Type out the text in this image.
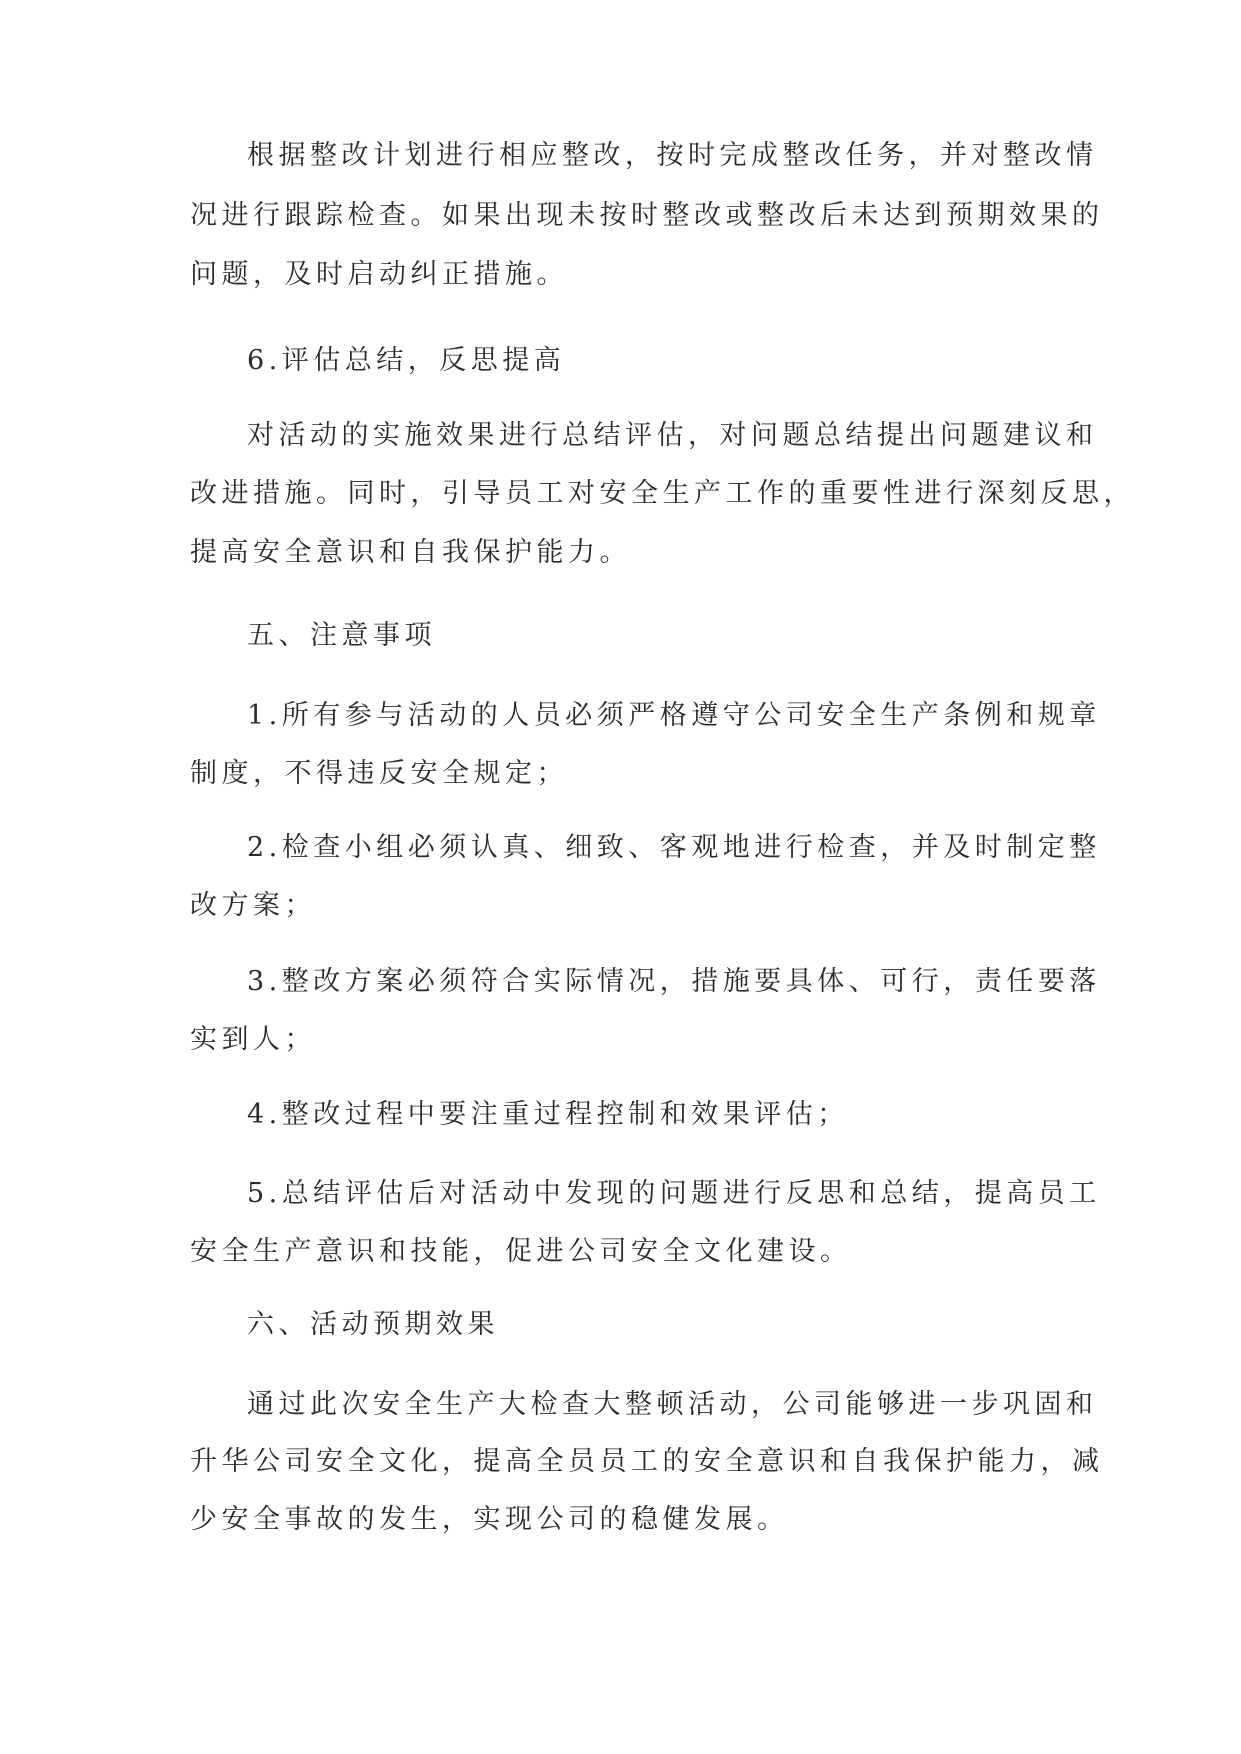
根据整改计划进行相应整改，按时完成整改任务，并对整改情
况进行跟踪检查。如果出现未按时整改或整改后未达到预期效果的
问题，及时启动纠正措施。
6.评估总结，反思提高
对活动的实施效果进行总结评估，对问题总结提出问题建议和
改进措施。同时，引导员工对安全生产工作的重要性进行深刻反思，
提高安全意识和自我保护能力。
五、注意事项
1.所有参与活动的人员必须严格遵守公司安全生产条例和规章
制度，不得违反安全规定；
2.检查小组必须认真、细致、客观地进行检查，并及时制定整
改方案；
3.整改方案必须符合实际情况，措施要具体、可行，责任要落
实到人；
4.整改过程中要注重过程控制和效果评估；
5.总结评估后对活动中发现的问题进行反思和总结，提高员工
安全生产意识和技能，促进公司安全文化建设。
六、活动预期效果
通过此次安全生产大检查大整顿活动，公司能够进一步巩固和
升华公司安全文化，提高全员员工的安全意识和自我保护能力，减
少安全事故的发生，实现公司的稳健发展。
